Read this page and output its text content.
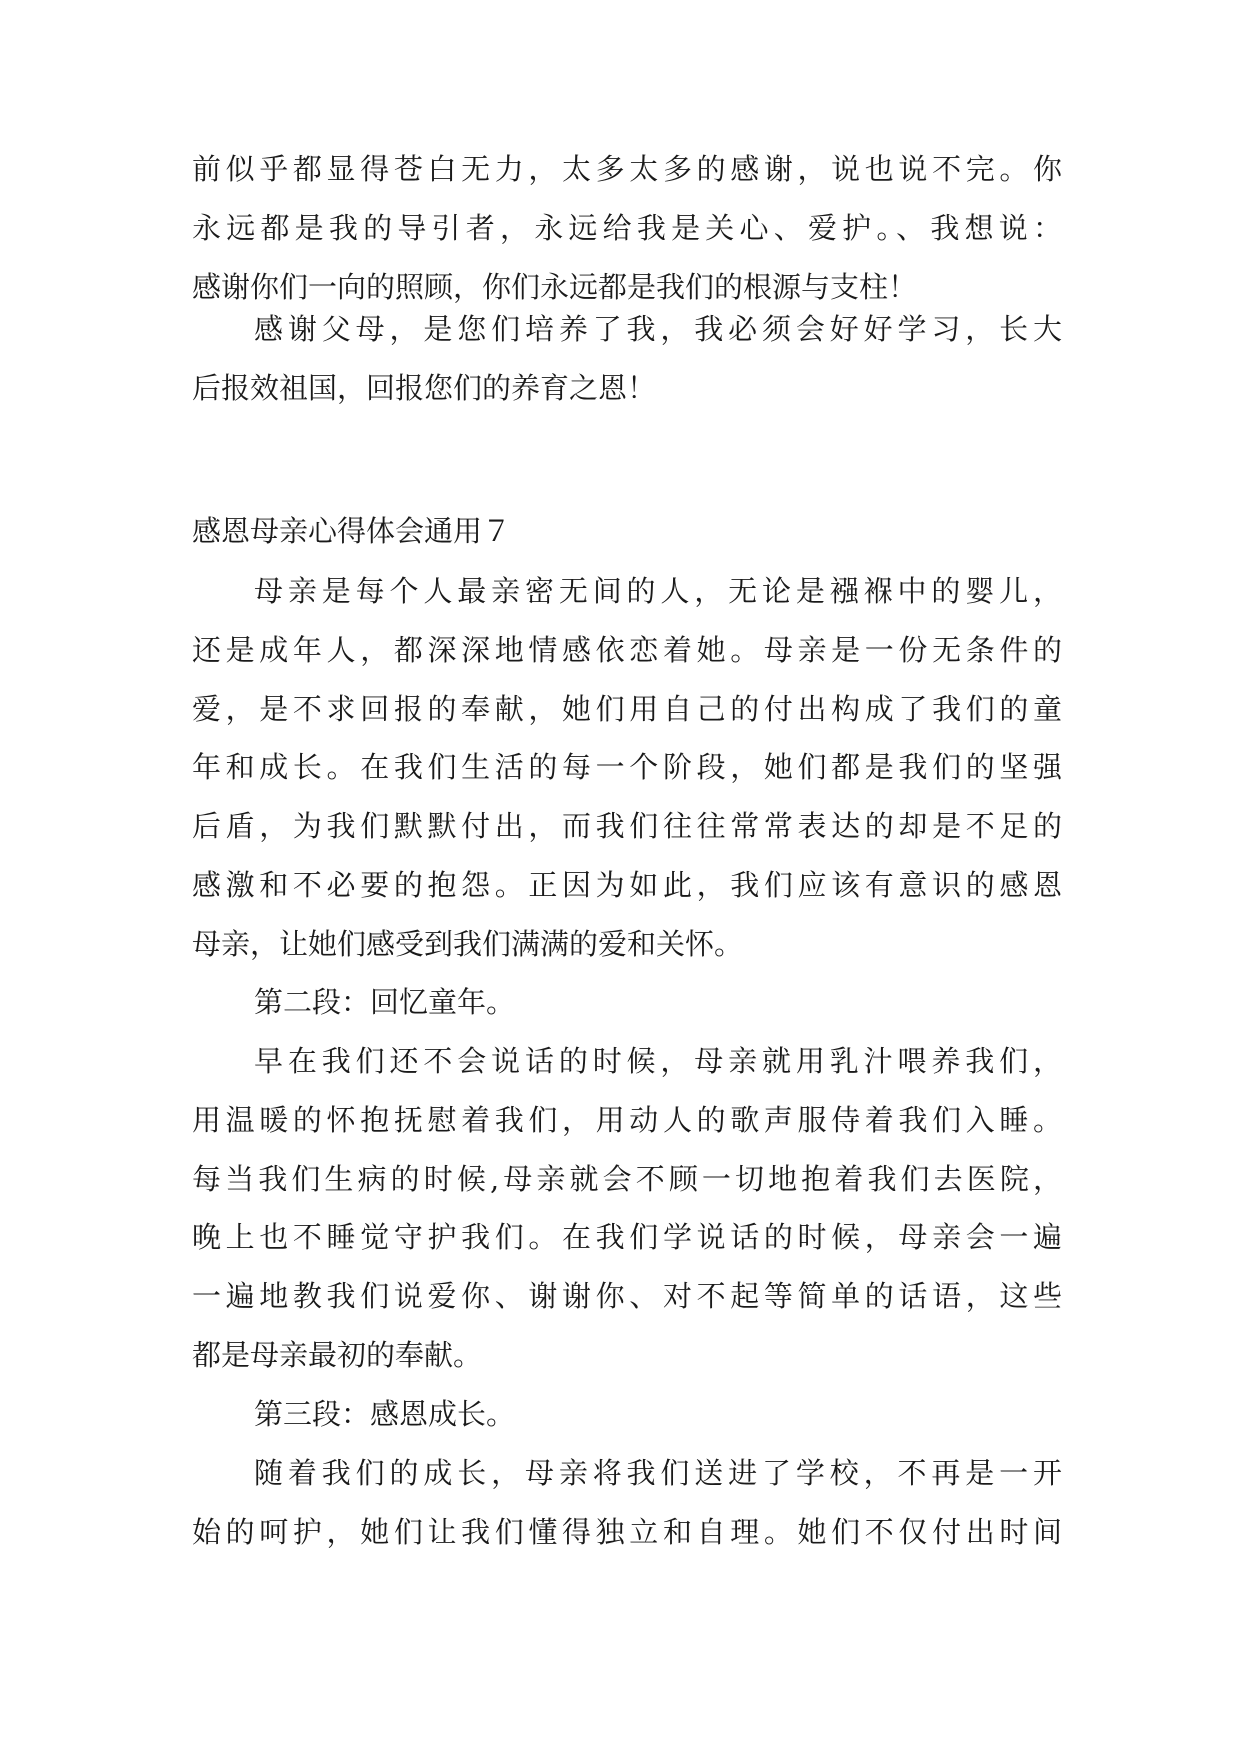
前似乎都显得苍白无力，太多太多的感谢，说也说不完。你
永远都是我的导引者，永远给我是关心、爱护。、我想说：
感谢你们一向的照顾，你们永远都是我们的根源与支柱！

感谢父母，是您们培养了我，我必须会好好学习，长大
后报效祖国，回报您们的养育之恩！

感恩母亲心得体会通用７

母亲是每个人最亲密无间的人，无论是襁褓中的婴儿，
还是成年人，都深深地情感依恋着她。母亲是一份无条件的
爱，是不求回报的奉献，她们用自己的付出构成了我们的童
年和成长。在我们生活的每一个阶段，她们都是我们的坚强
后盾，为我们默默付出，而我们往往常常表达的却是不足的
感激和不必要的抱怨。正因为如此，我们应该有意识的感恩
母亲，让她们感受到我们满满的爱和关怀。

第二段：回忆童年。

早在我们还不会说话的时候，母亲就用乳汁喂养我们，
用温暖的怀抱抚慰着我们，用动人的歌声服侍着我们入睡。
每当我们生病的时候,母亲就会不顾一切地抱着我们去医院，
晚上也不睡觉守护我们。在我们学说话的时候，母亲会一遍
一遍地教我们说爱你、谢谢你、对不起等简单的话语，这些
都是母亲最初的奉献。

第三段：感恩成长。

随着我们的成长，母亲将我们送进了学校，不再是一开
始的呵护，她们让我们懂得独立和自理。她们不仅付出时间
